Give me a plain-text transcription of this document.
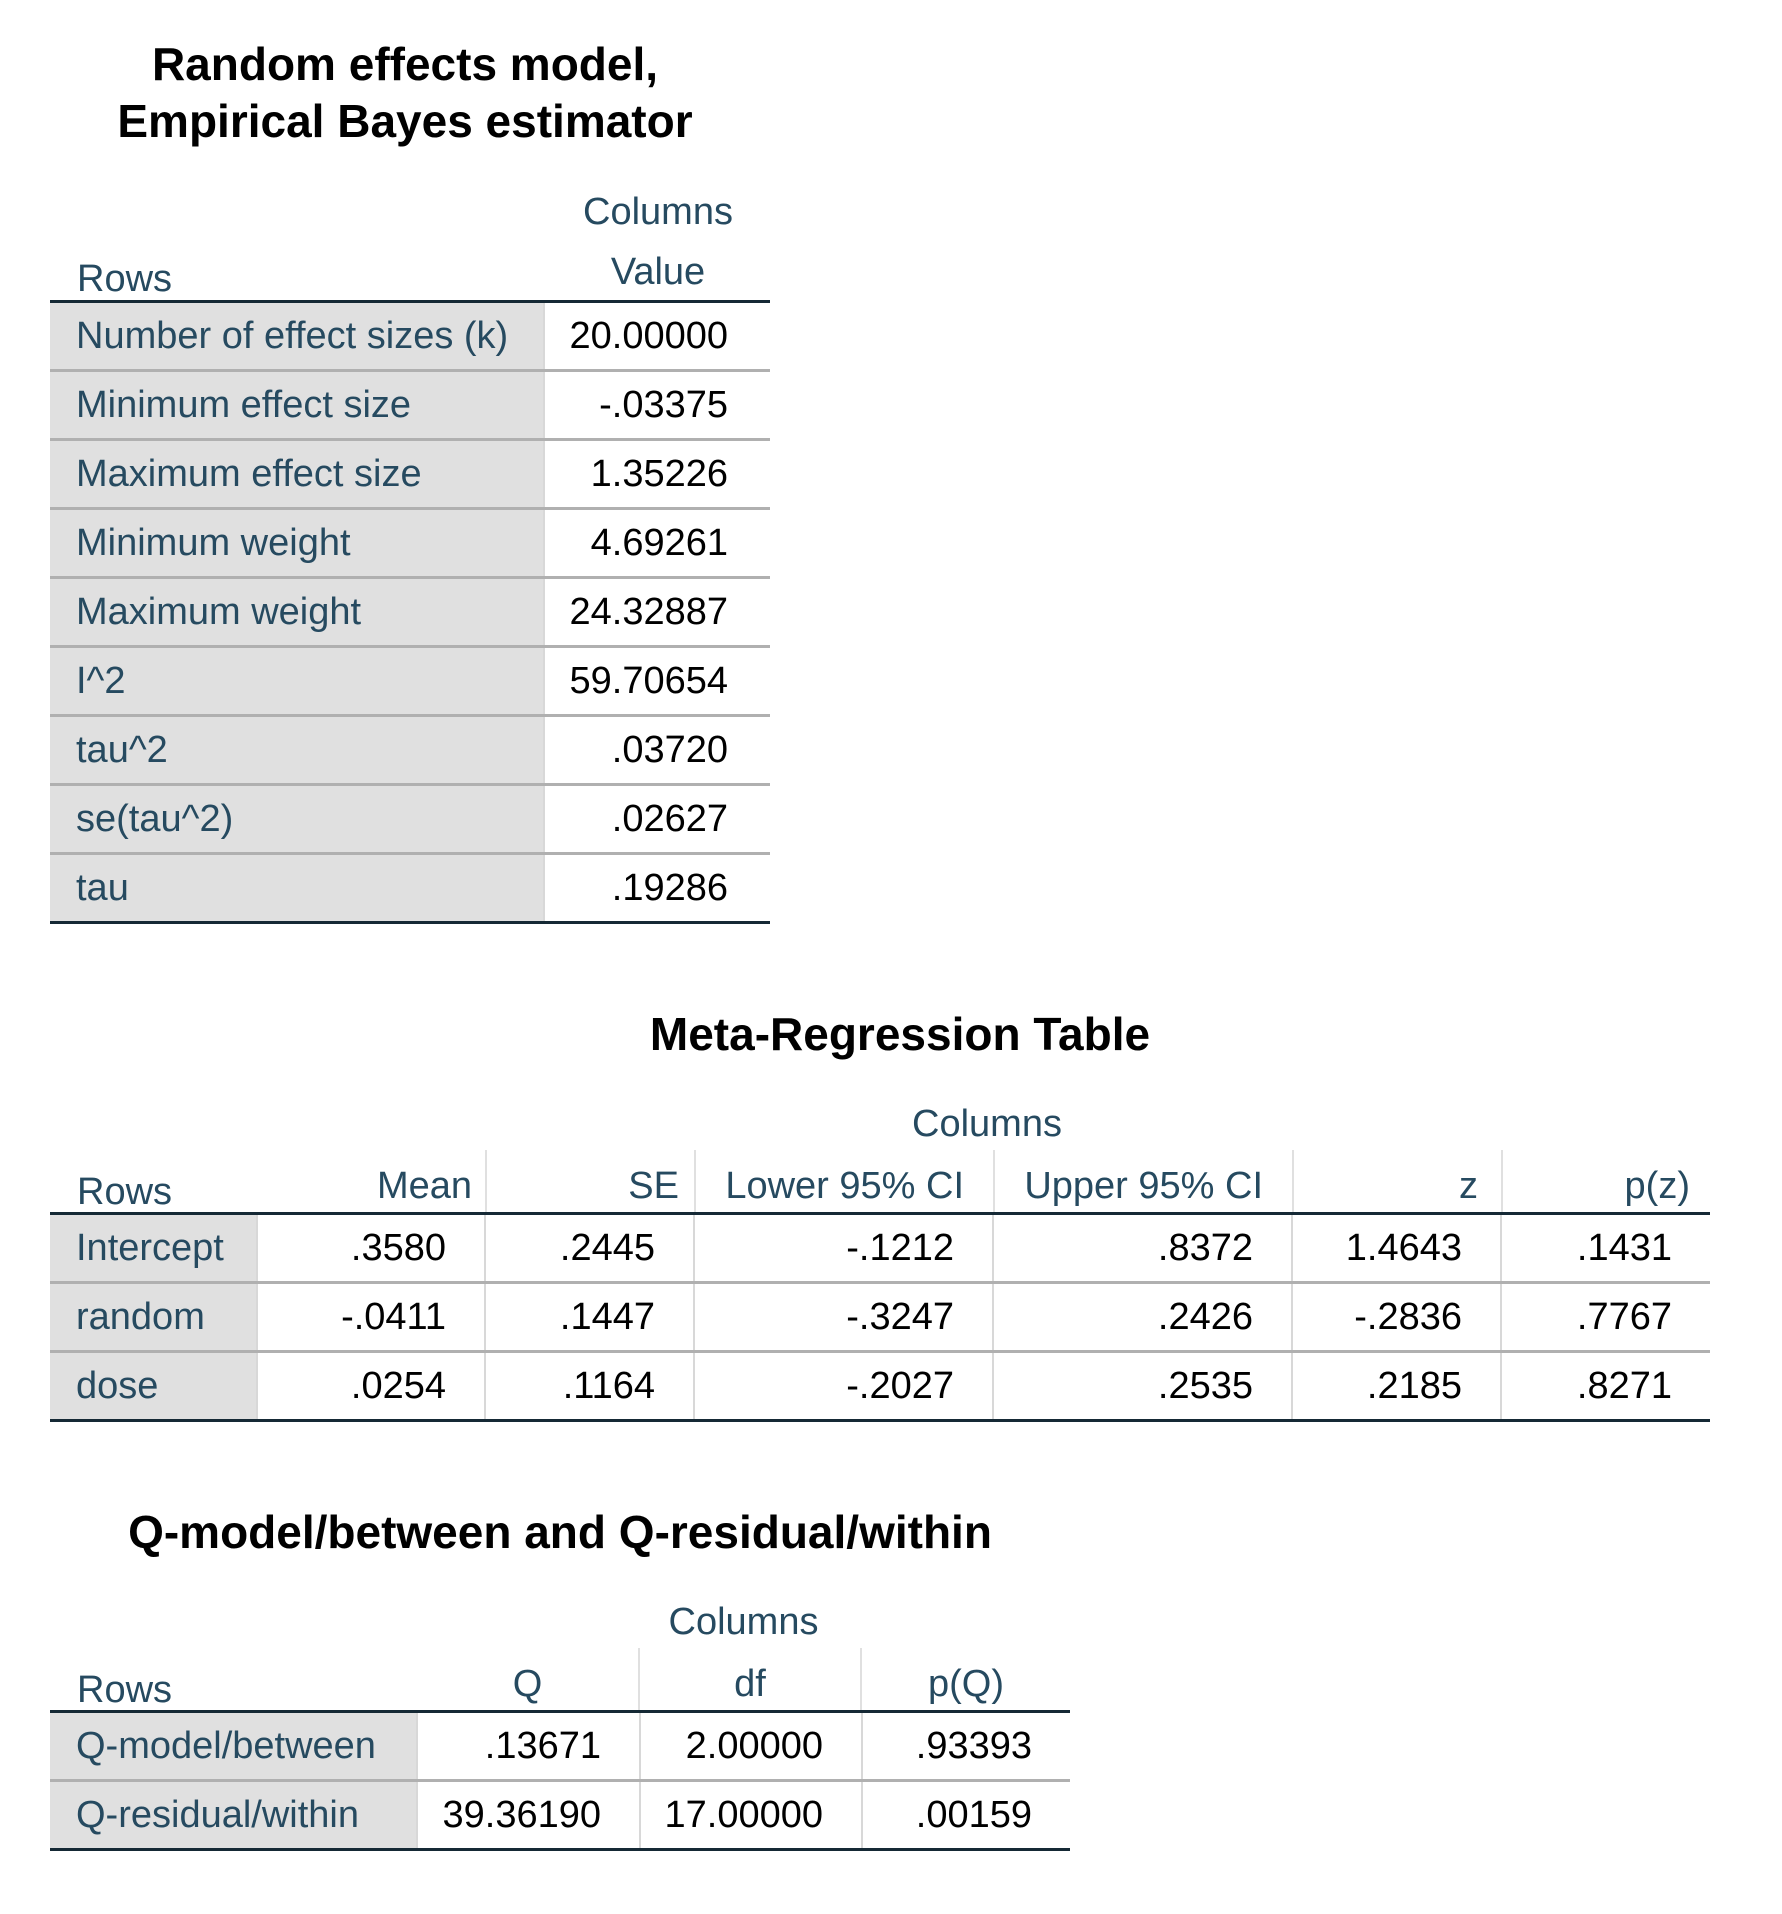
Random effects model,
Empirical Bayes estimator
Columns
Rows	Value
Number of effect sizes (k)	20.00000
Minimum effect size	-.03375
Maximum effect size	1.35226
Minimum weight	4.69261
Maximum weight	24.32887
I^2	59.70654
tau^2	.03720
se(tau^2)	.02627
tau	.19286
Meta-Regression Table
Columns
Rows	Mean	SE	Lower 95% CI	Upper 95% CI	z	p(z)
Intercept	.3580	.2445	-.1212	.8372	1.4643	.1431
random	-.0411	.1447	-.3247	.2426	-.2836	.7767
dose	.0254	.1164	-.2027	.2535	.2185	.8271
Q-model/between and Q-residual/within
Columns
Rows	Q	df	p(Q)
Q-model/between	.13671	2.00000	.93393
Q-residual/within	39.36190	17.00000	.00159
